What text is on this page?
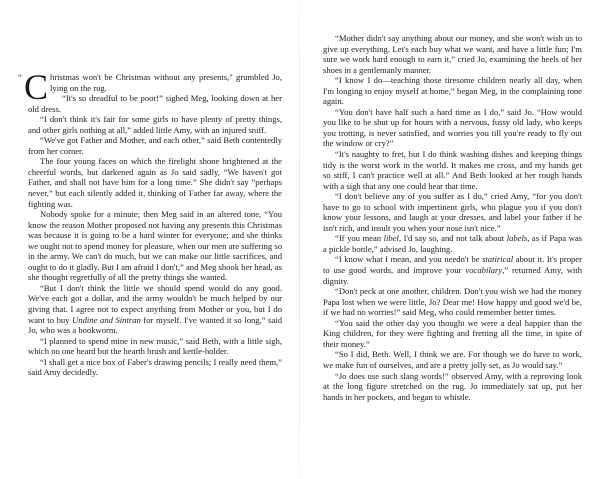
“ C hristmas won't be Christmas without any presents," grumbled Jo, lying on the rug.

“It's so dreadful to be poor!” sighed Meg, looking down at her old dress.

“I don't think it's fair for some girls to have plenty of pretty things, and other girls nothing at all,” added little Amy, with an injured sniff.

“We've got Father and Mother, and each other,” said Beth contentedly from her corner.

The four young faces on which the firelight shone brightened at the cheerful words, but darkened again as Jo said sadly, “We haven't got Father, and shall not have him for a long time.” She didn't say “perhaps never,” but each silently added it, thinking of Father far away, where the fighting was.

Nobody spoke for a minute; then Meg said in an altered tone, “You know the reason Mother proposed not having any presents this Christmas was because it is going to be a hard winter for everyone; and she thinks we ought not to spend money for pleasure, when our men are suffering so in the army. We can't do much, but we can make our little sacrifices, and ought to do it gladly. But I am afraid I don't,” and Meg shook her head, as she thought regretfully of all the pretty things she wanted.

“But I don't think the little we should spend would do any good. We've each got a dollar, and the army wouldn't be much helped by our giving that. I agree not to expect anything from Mother or you, but I do want to buy Undine and Sintran for myself. I've wanted it so long,” said Jo, who was a bookworm.

“I planned to spend mine in new music,” said Beth, with a little sigh, which no one heard but the hearth brush and kettle-holder.

“I shall get a nice box of Faber's drawing pencils; I really need them,” said Amy decidedly.

“Mother didn't say anything about our money, and she won't wish us to give up everything. Let's each buy what we want, and have a little fun; I'm sure we work hard enough to earn it,” cried Jo, examining the heels of her shoes in a gentlemanly manner.

“I know I do—teaching those tiresome children nearly all day, when I'm longing to enjoy myself at home,” began Meg, in the complaining tone again.

“You don't have half such a hard time as I do,” said Jo. “How would you like to be shut up for hours with a nervous, fussy old lady, who keeps you trotting, is never satisfied, and worries you till you're ready to fly out the window or cry?”

“It's naughty to fret, but I do think washing dishes and keeping things tidy is the worst work in the world. It makes me cross, and my hands get so stiff, I can't practice well at all.” And Beth looked at her rough hands with a sigh that any one could hear that time.

“I don't believe any of you suffer as I do,” cried Amy, “for you don't have to go to school with impertinent girls, who plague you if you don't know your lessons, and laugh at your dresses, and label your father if he isn't rich, and insult you when your nose isn't nice.”

“If you mean libel, I'd say so, and not talk about labels, as if Papa was a pickle bottle,” advised Jo, laughing.

“I know what I mean, and you needn't be statirical about it. It's proper to use good words, and improve your vocabilary,” returned Amy, with dignity.

“Don't peck at one another, children. Don't you wish we had the money Papa lost when we were little, Jo? Dear me! How happy and good we'd be, if we had no worries!” said Meg, who could remember better times.

“You said the other day you thought we were a deal happier than the King children, for they were fighting and fretting all the time, in spite of their money.”

“So I did, Beth. Well, I think we are. For though we do have to work, we make fun of ourselves, and are a pretty jolly set, as Jo would say.”

“Jo does use such slang words!” observed Amy, with a reproving look at the long figure stretched on the rug. Jo immediately sat up, put her hands in her pockets, and began to whistle.
